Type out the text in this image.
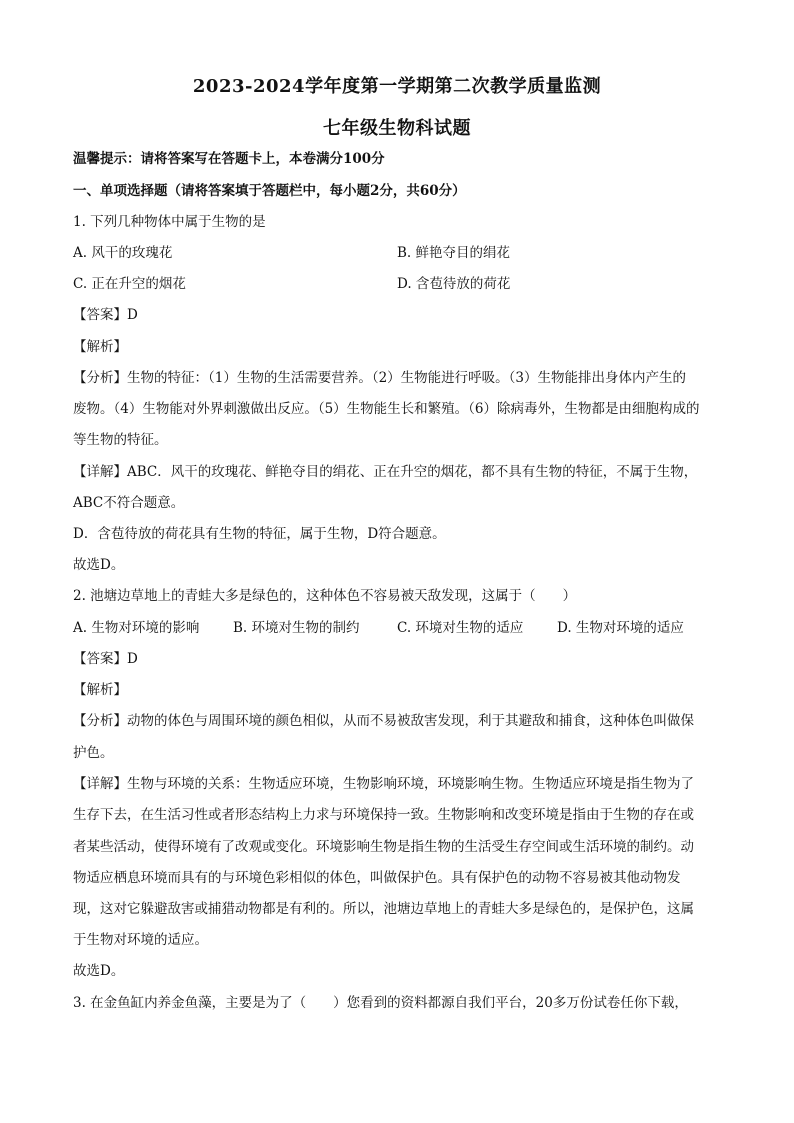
2023-2024学年度第一学期第二次教学质量监测
七年级生物科试题
温馨提示：请将答案写在答题卡上，本卷满分100分
一、单项选择题（请将答案填于答题栏中，每小题2分，共60分）
1. 下列几种物体中属于生物的是
A. 风干的玫瑰花	B. 鲜艳夺目的绢花
C. 正在升空的烟花	D. 含苞待放的荷花
【答案】D
【解析】
【分析】生物的特征：（1）生物的生活需要营养。（2）生物能进行呼吸。（3）生物能排出身体内产生的
废物。（4）生物能对外界刺激做出反应。（5）生物能生长和繁殖。（6）除病毒外，生物都是由细胞构成的
等生物的特征。
【详解】ABC．风干的玫瑰花、鲜艳夺目的绢花、正在升空的烟花，都不具有生物的特征，不属于生物，
ABC不符合题意。
D．含苞待放的荷花具有生物的特征，属于生物，D符合题意。
故选D。
2. 池塘边草地上的青蛙大多是绿色的，这种体色不容易被天敌发现，这属于（　　）
A. 生物对环境的影响 B. 环境对生物的制约	C. 环境对生物的适应 D. 生物对环境的适应
【答案】D
【解析】
【分析】动物的体色与周围环境的颜色相似，从而不易被敌害发现，利于其避敌和捕食，这种体色叫做保
护色。
【详解】生物与环境的关系：生物适应环境，生物影响环境，环境影响生物。生物适应环境是指生物为了
生存下去，在生活习性或者形态结构上力求与环境保持一致。生物影响和改变环境是指由于生物的存在或
者某些活动，使得环境有了改观或变化。环境影响生物是指生物的生活受生存空间或生活环境的制约。动
物适应栖息环境而具有的与环境色彩相似的体色，叫做保护色。具有保护色的动物不容易被其他动物发
现，这对它躲避敌害或捕猎动物都是有利的。所以，池塘边草地上的青蛙大多是绿色的，是保护色，这属
于生物对环境的适应。
故选D。
3. 在金鱼缸内养金鱼藻，主要是为了（　　）您看到的资料都源自我们平台，20多万份试卷任你下载，
